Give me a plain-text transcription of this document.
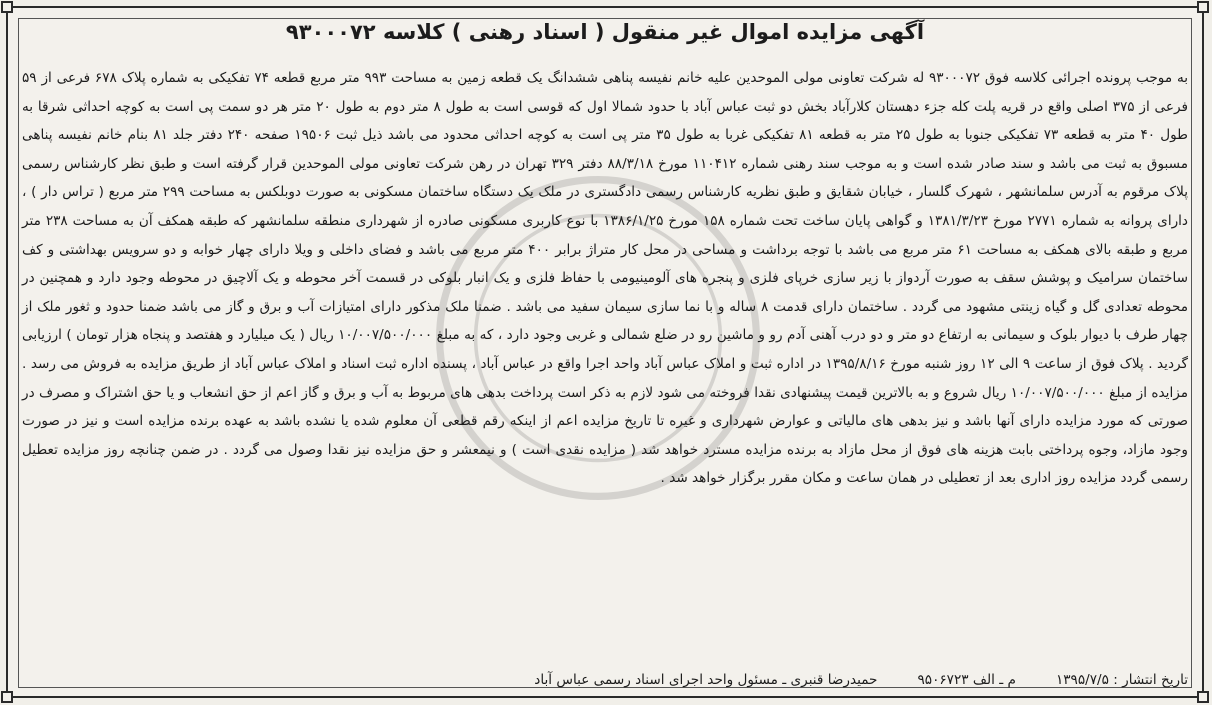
آگهی مزایده اموال غیر منقول ( اسناد رهنی ) کلاسه ۹۳۰۰۰۷۲

به موجب پرونده اجرائی کلاسه فوق ۹۳۰۰۰۷۲ له شرکت تعاونی مولی الموحدین علیه خانم نفیسه پناهی ششدانگ یک قطعه زمین به مساحت ۹۹۳ متر مربع قطعه ۷۴ تفکیکی به شماره پلاک ۶۷۸ فرعی از ۵۹ فرعی از ۳۷۵ اصلی واقع در قریه پلت کله جزء دهستان کلارآباد بخش دو ثبت عباس آباد با حدود شمالا اول که قوسی است به طول ۸ متر دوم به طول ۲۰ متر هر دو سمت پی است به کوچه احداثی شرقا به طول ۴۰ متر به قطعه ۷۳ تفکیکی جنوبا به طول ۲۵ متر به قطعه ۸۱ تفکیکی غربا به طول ۳۵ متر پی است به کوچه احداثی محدود می باشد ذیل ثبت ۱۹۵۰۶ صفحه ۲۴۰ دفتر جلد ۸۱ بنام خانم نفیسه پناهی مسبوق به ثبت می باشد و سند صادر شده است و به موجب سند رهنی شماره ۱۱۰۴۱۲ مورخ ۸۸/۳/۱۸ دفتر ۳۲۹ تهران در رهن شرکت تعاونی مولی الموحدین قرار گرفته است و طبق نظر کارشناس رسمی پلاک مرقوم به آدرس سلمانشهر ، شهرک گلسار ، خیابان شقایق و طبق نظریه کارشناس رسمی دادگستری در ملک یک دستگاه ساختمان مسکونی به صورت دوبلکس به مساحت ۲۹۹ متر مربع ( تراس دار ) ، دارای پروانه به شماره ۲۷۷۱ مورخ ۱۳۸۱/۳/۲۳ و گواهی پایان ساخت تحت شماره ۱۵۸ مورخ ۱۳۸۶/۱/۲۵ با نوع کاربری مسکونی صادره از شهرداری منطقه سلمانشهر که طبقه همکف آن به مساحت ۲۳۸ متر مربع و طبقه بالای همکف به مساحت ۶۱ متر مربع می باشد با توجه برداشت و مساحی در محل کار متراژ برابر ۴۰۰ متر مربع می باشد و فضای داخلی و ویلا دارای چهار خوابه و دو سرویس بهداشتی و کف ساختمان سرامیک و پوشش سقف به صورت آردواز با زیر سازی خرپای فلزی و پنجره های آلومینیومی با حفاظ فلزی و یک انبار بلوکی در قسمت آخر محوطه و یک آلاچیق در محوطه وجود دارد و همچنین در محوطه تعدادی گل و گیاه زینتی مشهود می گردد . ساختمان دارای قدمت ۸ ساله و با نما سازی سیمان سفید می باشد . ضمنا ملک مذکور دارای امتیازات آب و برق و گاز می باشد ضمنا حدود و ثغور ملک از چهار طرف با دیوار بلوک و سیمانی به ارتفاع دو متر و دو درب آهنی آدم رو و ماشین رو در ضلع شمالی و غربی وجود دارد ، که به مبلغ ۱۰/۰۰۷/۵۰۰/۰۰۰ ریال ( یک میلیارد و هفتصد و پنجاه هزار تومان ) ارزیابی گردید . پلاک فوق از ساعت ۹ الی ۱۲ روز شنبه مورخ ۱۳۹۵/۸/۱۶ در اداره ثبت و املاک عباس آباد واحد اجرا واقع در عباس آباد ، پسنده اداره ثبت اسناد و املاک عباس آباد از طریق مزایده به فروش می رسد . مزایده از مبلغ ۱۰/۰۰۷/۵۰۰/۰۰۰ ریال شروع و به بالاترین قیمت پیشنهادی نقدا فروخته می شود لازم به ذکر است پرداخت بدهی های مربوط به آب و برق و گاز اعم از حق انشعاب و یا حق اشتراک و مصرف در صورتی که مورد مزایده دارای آنها باشد و نیز بدهی های مالیاتی و عوارض شهرداری و غیره تا تاریخ مزایده اعم از اینکه رقم قطعی آن معلوم شده یا نشده باشد به عهده برنده مزایده است و نیز در صورت وجود مازاد، وجوه پرداختی بابت هزینه های فوق از محل مازاد به برنده مزایده مسترد خواهد شد ( مزایده نقدی است ) و نیمعشر و حق مزایده نیز نقدا وصول می گردد . در ضمن چنانچه روز مزایده تعطیل رسمی گردد مزایده روز اداری بعد از تعطیلی در همان ساعت و مکان مقرر برگزار خواهد شد .

تاریخ انتشار : ۱۳۹۵/۷/۵
م ـ الف ۹۵۰۶۷۲۳
حمیدرضا قنبری ـ مسئول واحد اجرای اسناد رسمی عباس آباد
